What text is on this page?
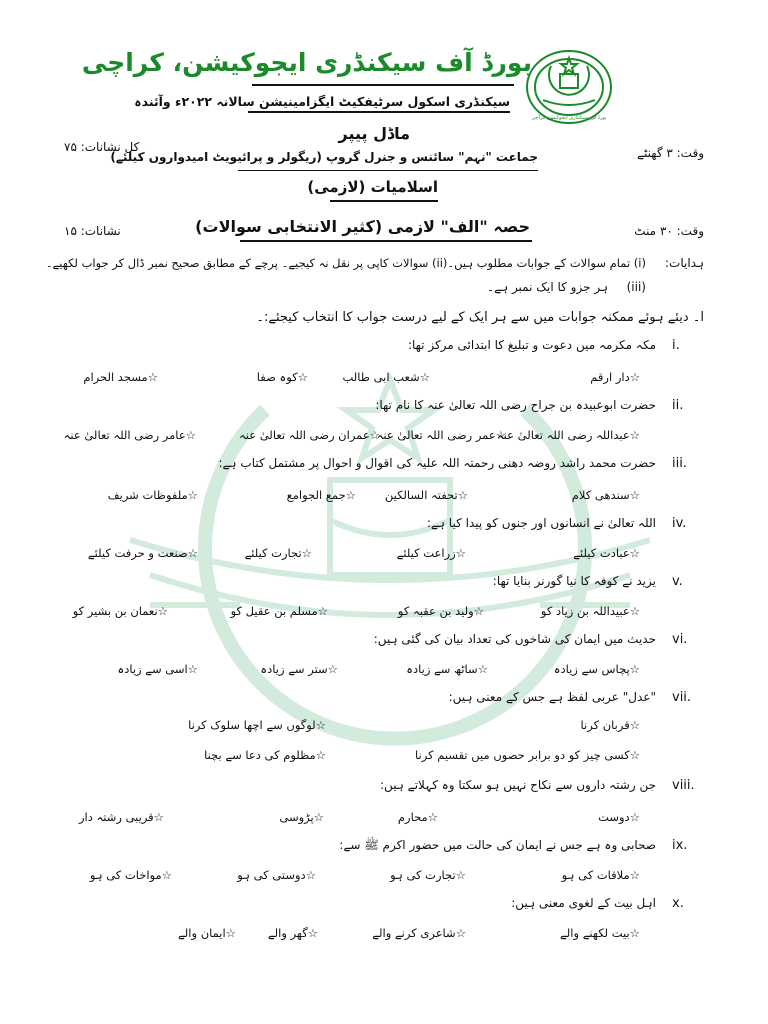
بورڈ آف سیکنڈری ایجوکیشن کراچی
بورڈ آف سیکنڈری ایجوکیشن، کراچی
سیکنڈری اسکول سرٹیفکیٹ ایگزامینیشن سالانہ ۲۰۲۲ء وآئندہ
ماڈل پیپر
کل نشانات: ۷۵	وقت: ۳ گھنٹے
جماعت "نہم" سائنس و جنرل گروپ (ریگولر و پرائیویٹ امیدواروں کیلئے)
اسلامیات (لازمی)
نشانات: ۱۵	حصہ "الف" لازمی (کثیر الانتخابی سوالات)	وقت: ۳۰ منٹ
ہدایات:
(i) تمام سوالات کے جوابات مطلوب ہیں۔(ii) سوالات کاپی پر نقل نہ کیجیے۔ پرچے کے مطابق صحیح نمبر ڈال کر جواب لکھیے۔
(iii)
ہر جزو کا ایک نمبر ہے۔
ا۔ دیئے ہوئے ممکنہ جوابات میں سے ہر ایک کے لیے درست جواب کا انتخاب کیجئے:۔
i.
مکہ مکرمہ میں دعوت و تبلیغ کا ابتدائی مرکز تھا:
☆دار ارقم
☆شعب ابی طالب
☆کوہ صفا
☆مسجد الحرام
ii.
حضرت ابوعبیدہ بن جراح رضی اللہ تعالیٰ عنہ کا نام تھا:
☆عبداللہ رضی اللہ تعالیٰ عنہ
☆عمر رضی اللہ تعالیٰ عنہ
☆عمران رضی اللہ تعالیٰ عنہ
☆عامر رضی اللہ تعالیٰ عنہ
iii.
حضرت محمد راشد روضہ دھنی رحمتہ اللہ علیہ کی اقوال و احوال پر مشتمل کتاب ہے:
☆سندھی کلام
☆تحفتہ السالکین
☆جمع الجوامع
☆ملفوظات شریف
iv.
اللہ تعالیٰ نے انسانوں اور جنوں کو پیدا کیا ہے:
☆عبادت کیلئے
☆زراعت کیلئے
☆تجارت کیلئے
☆صنعت و حرفت کیلئے
v.
یزید نے کوفہ کا نیا گورنر بنایا تھا:
☆عبیداللہ بن زیاد کو
☆ولید بن عقبہ کو
☆مسلم بن عقیل کو
☆نعمان بن بشیر کو
vi.
حدیث میں ایمان کی شاخوں کی تعداد بیان کی گئی ہیں:
☆پچاس سے زیادہ
☆ساٹھ سے زیادہ
☆ستر سے زیادہ
☆اسی سے زیادہ
vii.
"عدل" عربی لفظ ہے جس کے معنی ہیں:
☆قربان کرنا
☆لوگوں سے اچھا سلوک کرنا
☆کسی چیز کو دو برابر حصوں میں تقسیم کرنا
☆مظلوم کی دعا سے بچنا
viii.
جن رشتہ داروں سے نکاح نہیں ہو سکتا وہ کہلاتے ہیں:
☆دوست
☆محارم
☆پڑوسی
☆قریبی رشتہ دار
ix.
صحابی وہ ہے جس نے ایمان کی حالت میں حضور اکرم ﷺ سے:
☆ملاقات کی ہو
☆تجارت کی ہو
☆دوستی کی ہو
☆مواخات کی ہو
x.
اہل بیت کے لغوی معنی ہیں:
☆بیت لکھنے والے
☆شاعری کرنے والے
☆گھر والے
☆ایمان والے
